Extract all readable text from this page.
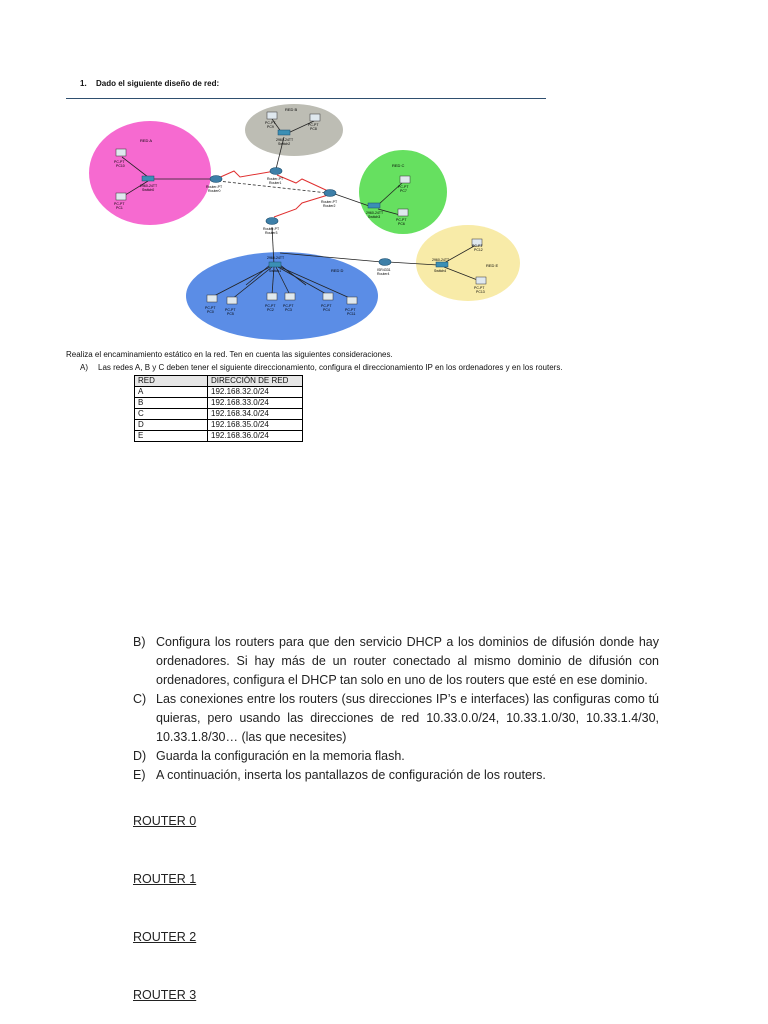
1. Dado el siguiente diseño de red:
RED A
RED B
RED C
RED D
RED E
Router-PT
Router0
Router-PT
Router1
Router-PT
Router2
Router-PT
Router3
ISR4331
Router4
2960-24TT
Switch0
2960-24TT
Switch2
2960-24TT
Switch3
2960-24TT
Switch1
2960-24TT
Switch4
PC-PT
PC10
PC-PT
PC1
PC-PT
PC9	PC-PT
PC8
PC-PT
PC7
PC-PT
PC6
PC-PT
PC12
PC-PT
PC13
PC-PT
PC0	PC-PT
PC5
PC-PT
PC2
PC-PT
PC3
PC-PT
PC4	PC-PT
PC11
Realiza el encaminamiento estático en la red. Ten en cuenta las siguientes consideraciones.
A) Las redes A, B y C deben tener el siguiente direccionamiento, configura el direccionamiento IP en los ordenadores y en los routers.
RED	DIRECCIÓN DE RED
A	192.168.32.0/24
B	192.168.33.0/24
C	192.168.34.0/24
D	192.168.35.0/24
E	192.168.36.0/24
B) Configura los routers para que den servicio DHCP a los dominios de difusión donde hay ordenadores. Si hay más de un router conectado al mismo dominio de difusión con ordenadores, configura el DHCP tan solo en uno de los routers que esté en ese dominio.
C) Las conexiones entre los routers (sus direcciones IP’s e interfaces) las configuras como tú quieras, pero usando las direcciones de red 10.33.0.0/24, 10.33.1.0/30, 10.33.1.4/30, 10.33.1.8/30… (las que necesites)
D) Guarda la configuración en la memoria flash.
E) A continuación, inserta los pantallazos de configuración de los routers.
ROUTER 0
ROUTER 1
ROUTER 2
ROUTER 3
